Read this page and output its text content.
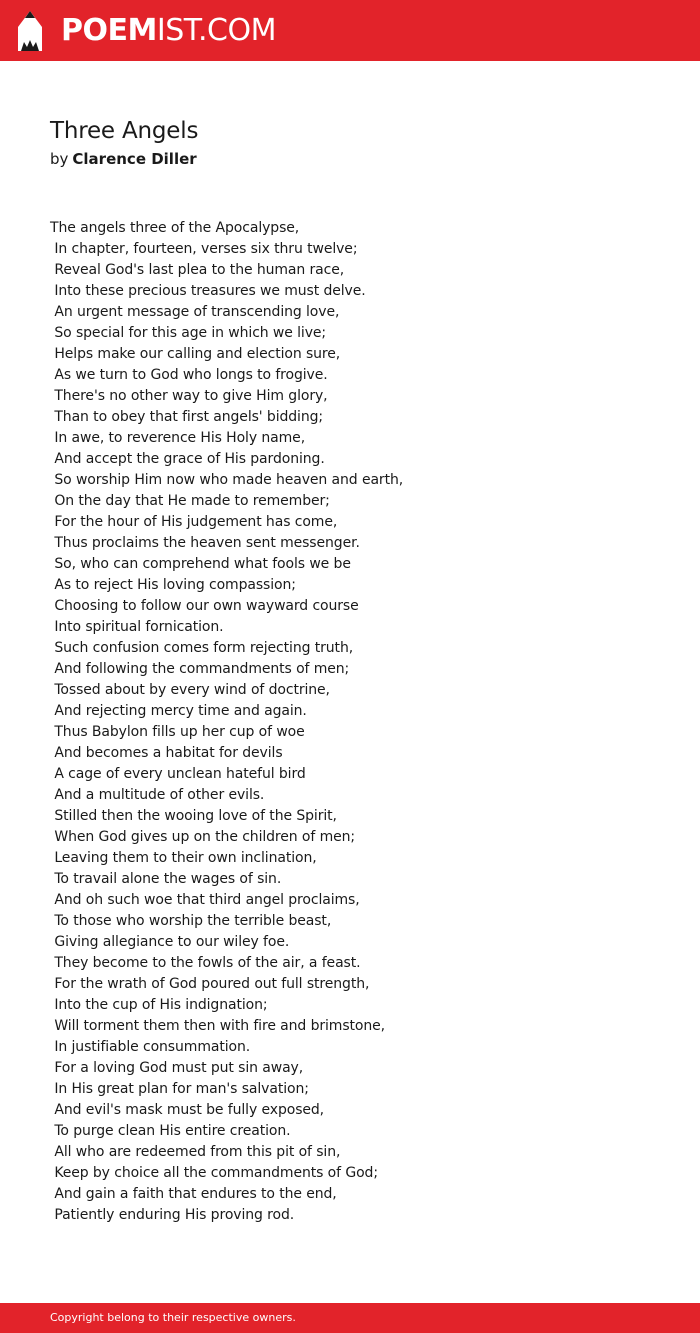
POEMIST.COM
Three Angels
by Clarence Diller
The angels three of the Apocalypse,
In chapter, fourteen, verses six thru twelve;
Reveal God's last plea to the human race,
Into these precious treasures we must delve.
An urgent message of transcending love,
So special for this age in which we live;
Helps make our calling and election sure,
As we turn to God who longs to frogive.
There's no other way to give Him glory,
Than to obey that first angels' bidding;
In awe, to reverence His Holy name,
And accept the grace of His pardoning.
So worship Him now who made heaven and earth,
On the day that He made to remember;
For the hour of His judgement has come,
Thus proclaims the heaven sent messenger.
So, who can comprehend what fools we be
As to reject His loving compassion;
Choosing to follow our own wayward course
Into spiritual fornication.
Such confusion comes form rejecting truth,
And following the commandments of men;
Tossed about by every wind of doctrine,
And rejecting mercy time and again.
Thus Babylon fills up her cup of woe
And becomes a habitat for devils
A cage of every unclean hateful bird
And a multitude of other evils.
Stilled then the wooing love of the Spirit,
When God gives up on the children of men;
Leaving them to their own inclination,
To travail alone the wages of sin.
And oh such woe that third angel proclaims,
To those who worship the terrible beast,
Giving allegiance to our wiley foe.
They become to the fowls of the air, a feast.
For the wrath of God poured out full strength,
Into the cup of His indignation;
Will torment them then with fire and brimstone,
In justifiable consummation.
For a loving God must put sin away,
In His great plan for man's salvation;
And evil's mask must be fully exposed,
To purge clean His entire creation.
All who are redeemed from this pit of sin,
Keep by choice all the commandments of God;
And gain a faith that endures to the end,
Patiently enduring His proving rod.
Copyright belong to their respective owners.
